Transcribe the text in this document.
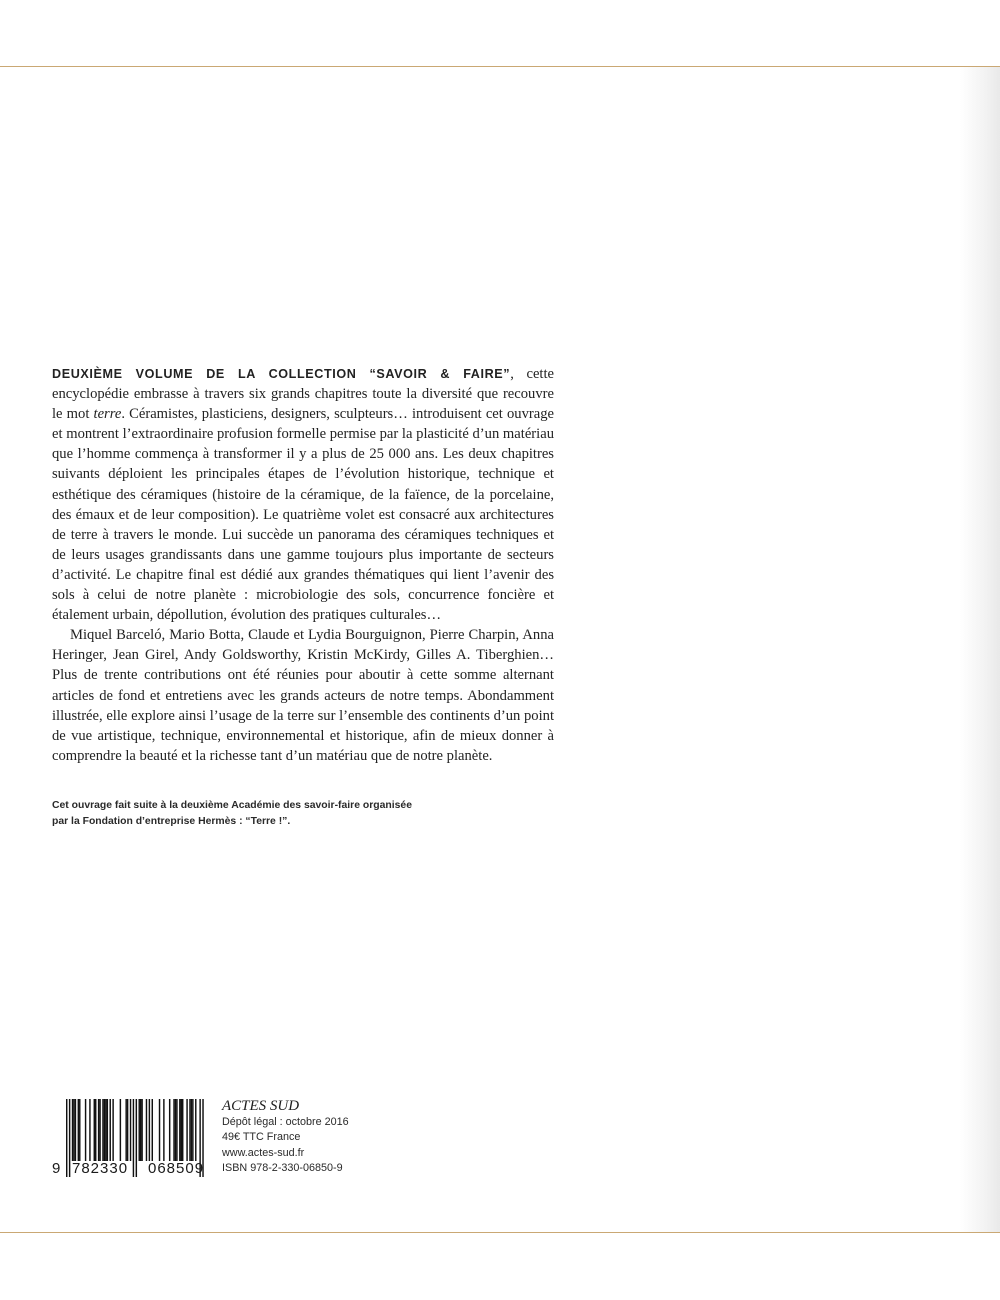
DEUXIÈME VOLUME DE LA COLLECTION “SAVOIR & FAIRE”, cette encyclopédie embrasse à travers six grands chapitres toute la diversité que recouvre le mot terre. Céramistes, plasticiens, designers, sculpteurs… introduisent cet ouvrage et montrent l’extraordinaire profusion formelle permise par la plasticité d’un matériau que l’homme commença à transformer il y a plus de 25 000 ans. Les deux chapitres suivants déploient les principales étapes de l’évolution historique, technique et esthétique des céramiques (histoire de la céramique, de la faïence, de la porcelaine, des émaux et de leur composition). Le quatrième volet est consacré aux architectures de terre à travers le monde. Lui succède un panorama des céramiques techniques et de leurs usages grandissants dans une gamme toujours plus importante de secteurs d’activité. Le chapitre final est dédié aux grandes thématiques qui lient l’avenir des sols à celui de notre planète : microbiologie des sols, concurrence foncière et étalement urbain, dépollution, évolution des pratiques culturales…

Miquel Barceló, Mario Botta, Claude et Lydia Bourguignon, Pierre Charpin, Anna Heringer, Jean Girel, Andy Goldsworthy, Kristin McKirdy, Gilles A. Tiberghien… Plus de trente contributions ont été réunies pour aboutir à cette somme alternant articles de fond et entretiens avec les grands acteurs de notre temps. Abondamment illustrée, elle explore ainsi l’usage de la terre sur l’ensemble des continents d’un point de vue artistique, technique, environnemental et historique, afin de mieux donner à comprendre la beauté et la richesse tant d’un matériau que de notre planète.

Cet ouvrage fait suite à la deuxième Académie des savoir-faire organisée
par la Fondation d’entreprise Hermès : “Terre !”.
9 782330 068509
ACTES SUD
Dépôt légal : octobre 2016
49€ TTC France
www.actes-sud.fr
ISBN 978-2-330-06850-9
